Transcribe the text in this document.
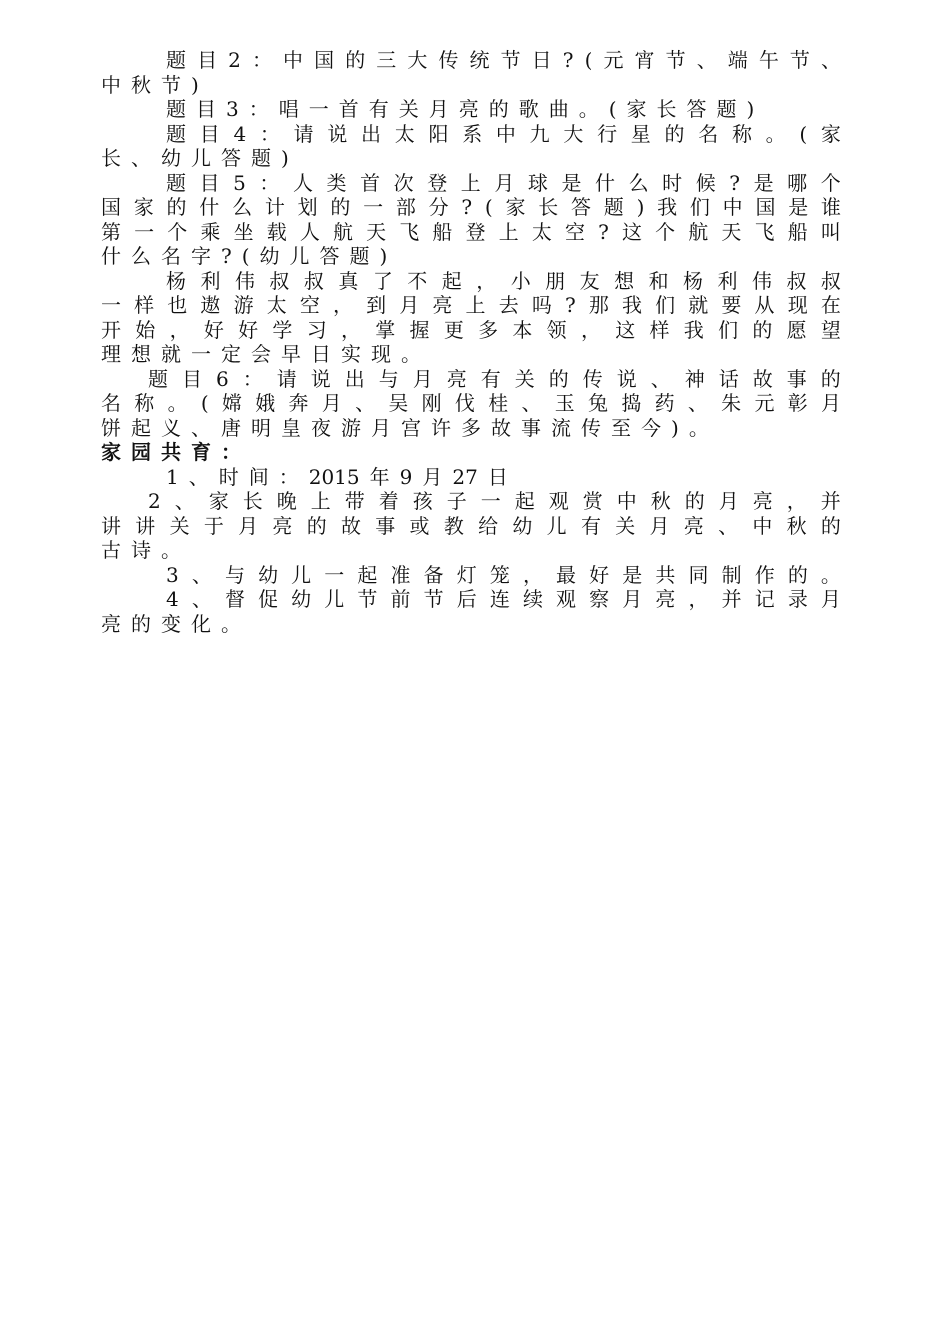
题 目 2 ： 中 国 的 三 大 传 统 节 日 ? ( 元 宵 节 、 端 午 节 、
中 秋 节 )
题 目 3 ： 唱 一 首 有 关 月 亮 的 歌 曲 。 ( 家 长 答 题 )
题 目 4 ： 请 说 出 太 阳 系 中 九 大 行 星 的 名 称 。 ( 家
长 、 幼 儿 答 题 )
题 目 5 ： 人 类 首 次 登 上 月 球 是 什 么 时 候 ? 是 哪 个
国 家 的 什 么 计 划 的 一 部 分 ? ( 家 长 答 题 ) 我 们 中 国 是 谁
第 一 个 乘 坐 载 人 航 天 飞 船 登 上 太 空 ? 这 个 航 天 飞 船 叫
什 么 名 字 ? ( 幼 儿 答 题 )
杨 利 伟 叔 叔 真 了 不 起 ， 小 朋 友 想 和 杨 利 伟 叔 叔
一 样 也 遨 游 太 空 ， 到 月 亮 上 去 吗 ? 那 我 们 就 要 从 现 在
开 始 ， 好 好 学 习 ， 掌 握 更 多 本 领 ， 这 样 我 们 的 愿 望
理 想 就 一 定 会 早 日 实 现 。
题 目 6 ： 请 说 出 与 月 亮 有 关 的 传 说 、 神 话 故 事 的
名 称 。 ( 嫦 娥 奔 月 、 吴 刚 伐 桂 、 玉 兔 捣 药 、 朱 元 彰 月
饼 起 义 、 唐 明 皇 夜 游 月 宫 许 多 故 事 流 传 至 今 ) 。
家 园 共 育 ：
1 、 时 间 ： 2015 年 9 月 27 日
2 、 家 长 晚 上 带 着 孩 子 一 起 观 赏 中 秋 的 月 亮 ， 并
讲 讲 关 于 月 亮 的 故 事 或 教 给 幼 儿 有 关 月 亮 、 中 秋 的
古 诗 。
3 、 与 幼 儿 一 起 准 备 灯 笼 ， 最 好 是 共 同 制 作 的 。
4 、 督 促 幼 儿 节 前 节 后 连 续 观 察 月 亮 ， 并 记 录 月
亮 的 变 化 。
